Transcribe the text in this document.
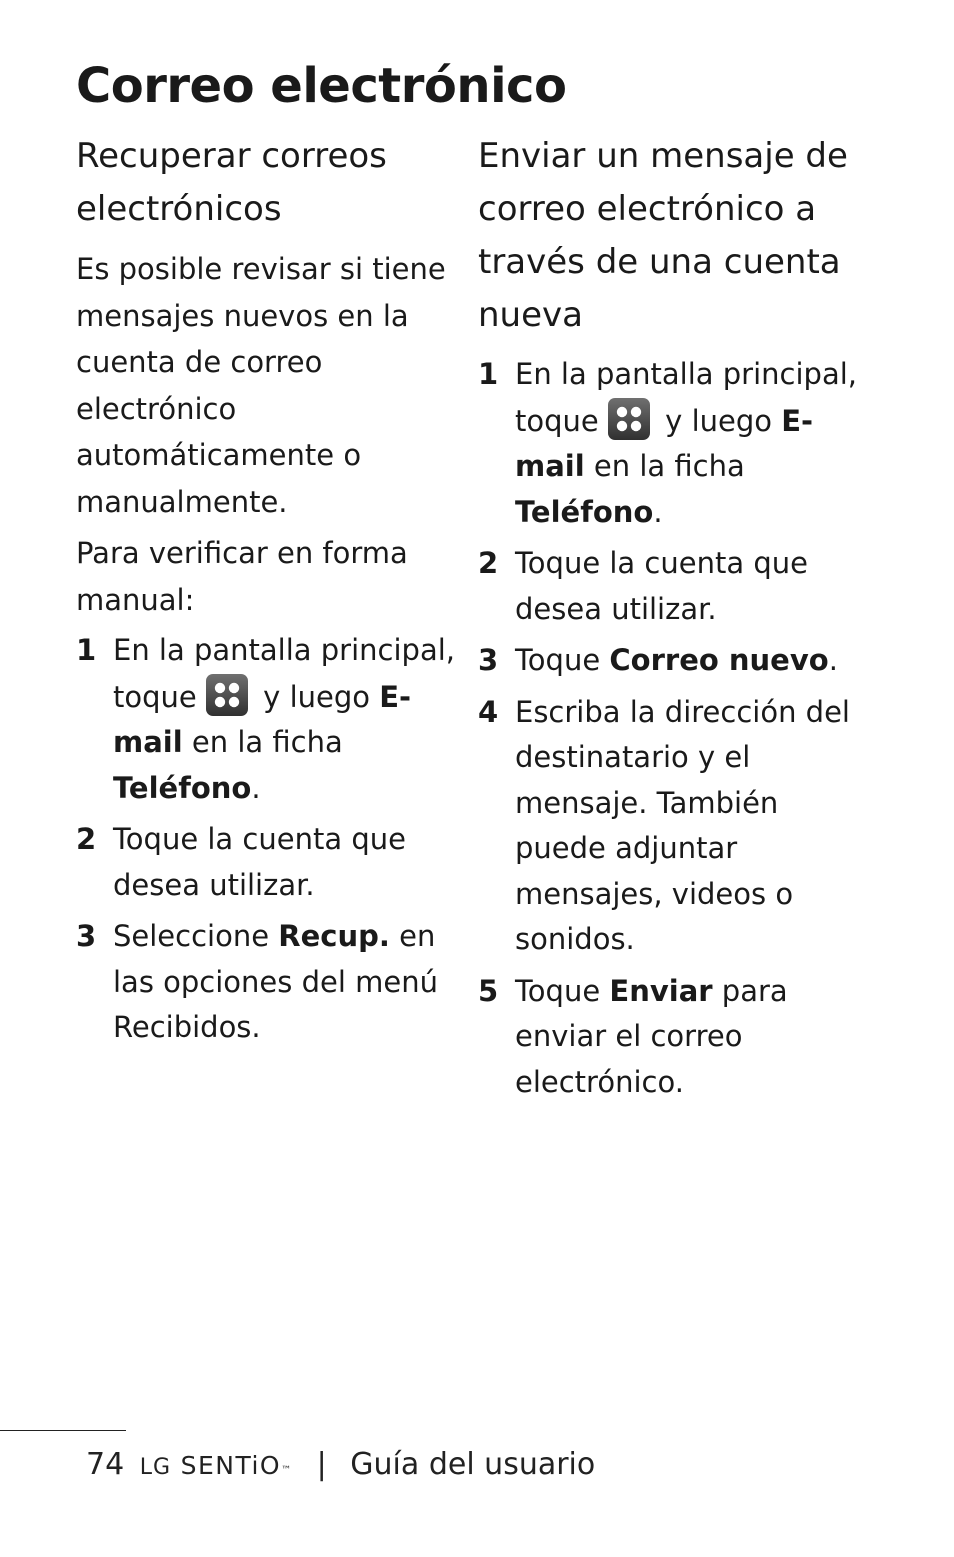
Correo electrónico
Recuperar correos electrónicos

Es posible revisar si tiene mensajes nuevos en la cuenta de correo electrónico automáticamente o manualmente.

Para verificar en forma manual:

1 En la pantalla principal, toque
y luego E-mail en la ficha Teléfono.
2 Toque la cuenta que desea utilizar.
3 Seleccione Recup. en las opciones del menú Recibidos.
Enviar un mensaje de correo electrónico a través de una cuenta nueva
1 En la pantalla principal, toque
y luego E-mail en la ficha Teléfono.
2 Toque la cuenta que desea utilizar.
3 Toque Correo nuevo.
4 Escriba la dirección del destinatario y el mensaje. También puede adjuntar mensajes, videos o sonidos.
5 Toque Enviar para enviar el correo electrónico.
74 LG SENTiO™ | Guía del usuario
